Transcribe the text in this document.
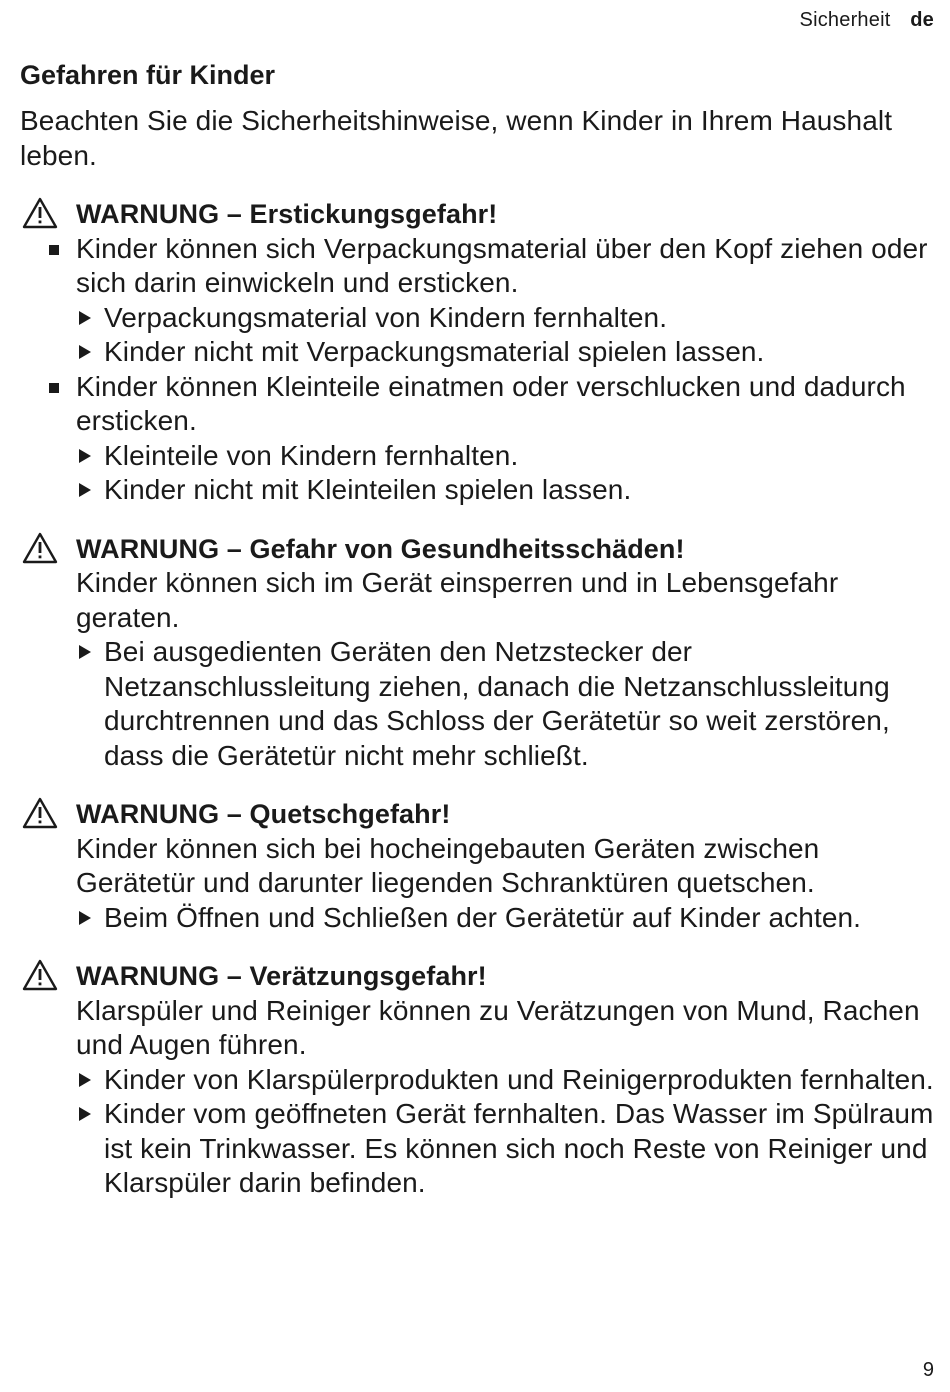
Sicherheit de
Gefahren für Kinder

Beachten Sie die Sicherheitshinweise, wenn Kinder in Ihrem Haushalt leben.

WARNUNG – Erstickungsgefahr!
Kinder können sich Verpackungsmaterial über den Kopf ziehen oder sich darin einwickeln und ersticken.
Verpackungsmaterial von Kindern fernhalten.
Kinder nicht mit Verpackungsmaterial spielen lassen.
Kinder können Kleinteile einatmen oder verschlucken und dadurch ersticken.
Kleinteile von Kindern fernhalten.
Kinder nicht mit Kleinteilen spielen lassen.
WARNUNG – Gefahr von Gesundheitsschäden!

Kinder können sich im Gerät einsperren und in Lebensgefahr geraten.

Bei ausgedienten Geräten den Netzstecker der Netzanschlussleitung ziehen, danach die Netzanschlussleitung durchtrennen und das Schloss der Gerätetür so weit zerstören, dass die Gerätetür nicht mehr schließt.
WARNUNG – Quetschgefahr!

Kinder können sich bei hocheingebauten Geräten zwischen Gerätetür und darunter liegenden Schranktüren quetschen.

Beim Öffnen und Schließen der Gerätetür auf Kinder achten.
WARNUNG – Verätzungsgefahr!

Klarspüler und Reiniger können zu Verätzungen von Mund, Rachen und Augen führen.

Kinder von Klarspülerprodukten und Reinigerprodukten fernhalten.
Kinder vom geöffneten Gerät fernhalten. Das Wasser im Spülraum ist kein Trinkwasser. Es können sich noch Reste von Reiniger und Klarspüler darin befinden.
9
